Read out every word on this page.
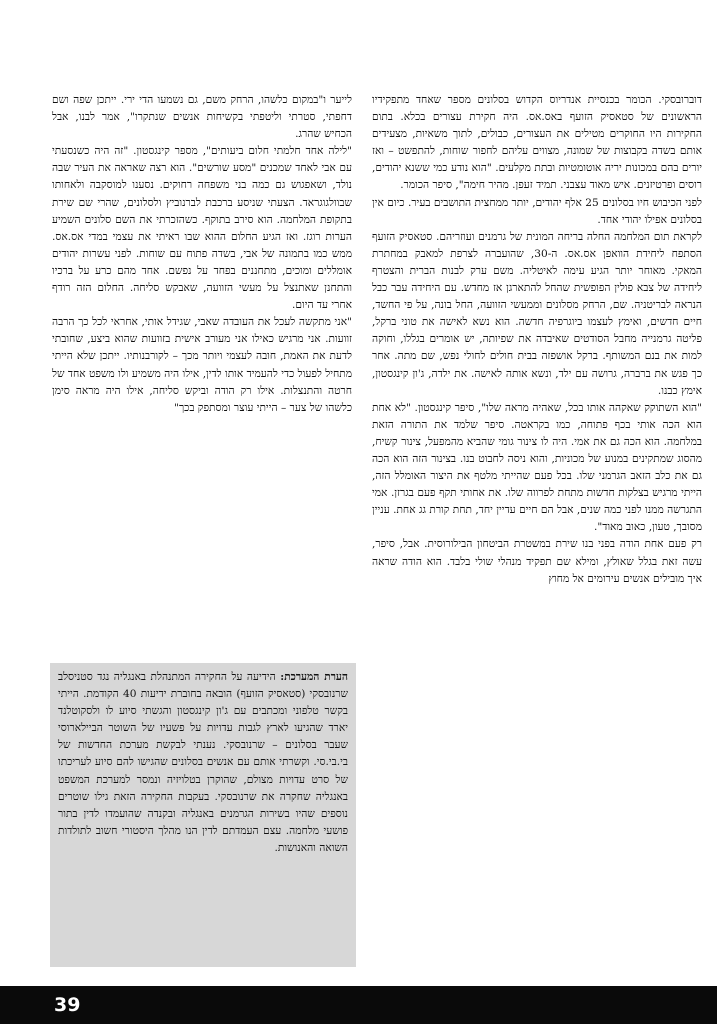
דוברובסקי. הכומר בכנסיית אנדריוס הקדוש בסלונים מספר שאחד מתפקידיו הראשונים של סטאסיק הזועף באס.אס. היה חקירת עצורים בכלא. בתום החקירות היו החוקרים מטילים את העצורים, כבולים, לתוך משאיות, מצעידים אותם בשדה בקבוצות של שמונה, מצווים עליהם לחפור שוחות, להתפשט – ואז יורים בהם במכונות יריה אוטומטיות ובתת מקלעים. "הוא נודע כמי ששנא יהודים, רוסים ופרטיזנים. איש מאוד עצבני. תמיד זעפן. מהיר חימה", סיפר הכומר.

לפני הכיבוש חיו בסלונים 25 אלף יהודים, יותר ממחצית התושבים בעיר. כיום אין בסלונים אפילו יהודי אחד.

לקראת תום המלחמה החלה בריחה המונית של גרמנים ועוזריהם. סטאסיק הזועף הסתפח ליחידת הוואפן אס.אס. ה-30, שהועברה לצרפת למאבק במחתרת המאקי. מאוחר יותר הגיע עימה לאיטליה. משם ערק לבנות הברית והצטרף ליחידה של צבא פולין הפופשית שהחל להתארגן אז מחדש. עם היחידה עבר כבל הנראה לבריטניה. שם, הרחק מסלונים וממעשי הזוועה, החל בונה, על פי החשד, חיים חדשים, ואימץ לעצמו ביוגרפיה חדשה. הוא נשא לאישה את טוני ברקל, פליטה גרמנייה מחבל הסודטים שאיבדה את שפיותה, יש אומרים בגללו, וחוקה למות את בנם המשותף. ברקל אושפזה בבית חולים לחולי נפש, שם מתה. אחר כך פגש את ברברה, גרושה עם ילד, ונשא אותה לאישה. את ילדה, ג'ון קינגסטון, אימץ כבנו.

"הוא השתוקק שאקהה אותו בכל, שאהיה מראה שלו", סיפר קינגסטון. "לא אחת הוא הכה אותי בכף פתוחה, כמו בקראטה. סיפר שלמד את התורה הזאת במלחמה. הוא הכה גם את אמי. היה לו צינור גומי שהביא מהמפעל, צינור קשיח, מהסוג שמתקינים במנוע של מכוניות, והוא ניסה לחבוט בנו. בצינור הזה הוא הכה גם את כלב הזאב הגרמני שלו. בכל פעם שהייתי מלטף את היצור האומלל הזה, הייתי מרגיש בצלקות חדשות מתחת לפרווה שלו. את אחותי תקף פעם בגרזן. אמי התגרשה ממנו לפני כמה שנים, אבל הם חיים עדיין יחד, תחת קורת גג אחת. עניין מסובך, טעון, כאוב מאוד".

רק פעם אחת הודה בפני בנו שירת במשטרת הביטחון הבילורוסית. אבל, סיפר, עשה זאת בגלל שאולץ, ומילא שם תפקיד מנהלי שולי בלבד. הוא הודה שראה איך מובילים אנשים עירומים אל מחוץ

לייער ו"במקום כלשהו, הרחק משם, גם נשמעו הדי ירי. ייתכן שפה ושם דחפתי, סטרתי וליטפתי בקשיחות אנשים שנתקרו", אמר לבנו, אבל הכחיש שהרג.

"לילה אחד חלמתי חלום ביעותים", מספר קינגסטון. "זה היה כשנסעתי עם אבי לאחד שמכנים "מסע שורשים". הוא רצה שאראה את העיר שבה נולד, ושאפגוש גם כמה בני משפחה רחוקים. נסענו למוסקבה ולאחותו שבוולגוגראד. הצעתי שניסע ברכבת לברנוביץ ולסלונים, שהרי שם שירת בתקופת המלחמה. הוא סירב בתוקף. כשהזכרתי את השם סלונים השמיע הערות רוגז. ואז הגיע החלום ההוא שבו ראיתי את עצמי במדי אס.אס. ממש כמו בתמונה של אבי, בשדה פתוח עם שוחות. לפני עשרות יהודים אומללים ומוכים, מתחננים בפחד על נפשם. אחד מהם כרע על ברכיו והתחנן שאתנצל על מעשי הזוועה, שאבקש סליחה. החלום הזה רודף אחרי עד היום.

"אני מתקשה לעכל את העובדה שאבי, שגידל אותי, אחראי לכל כך הרבה זוועות. אני מרגיש כאילו אני מעורב אישית בזוועות שהוא ביצע, שחובתי לדעת את האמת, חובה לעצמי ויותר מכך – לקורבנותיו. ייתכן שלא הייתי מתחיל לפעול כדי להעמיד אותו לדין, אילו היה משמיע ולו משפט אחד של חרטה והתנצלות. אילו רק הודה וביקש סליחה, אילו היה מראה סימן כלשהו של צער – הייתי עוצר ומסתפק בכך"

הערת המערכת: הידיעה על החקירה המתנהלת באנגליה נגד סטניסלב שרנובסקי (סטאסיק הזועף) הובאה בחוברת ידיעות 40 הקודמת. הייתי בקשר טלפוני ומכתבים עם ג'ון קינגסטון והגשתי סיוע לו ולסקוטלנד יארד שהגיעו לארץ לגבות עדויות על פשעיו של השוטר הביילארוסי שעבר בסלונים – שרנובסקי. נענתי לבקשת מערכת החדשות של בי.בי.סי. וקשרתי אותם עם אנשים בסלונים שהגישו להם סיוע לעריכתו של סרט עדויות מצולם, שהוקרן בטלויזיה ונמסר למערכת המשפט באנגליה שחקרה את שרנובסקי. בעקבות החקירה הזאת גילו שוטרים נוספים שהיו בשירות הגרמנים באנגליה ובקנדה שהועמדו לדין בתור פושעי מלחמה. עצם העמדתם לדין הנו מהלך היסטורי חשוב לתולדות השואה והאנושות.
39
